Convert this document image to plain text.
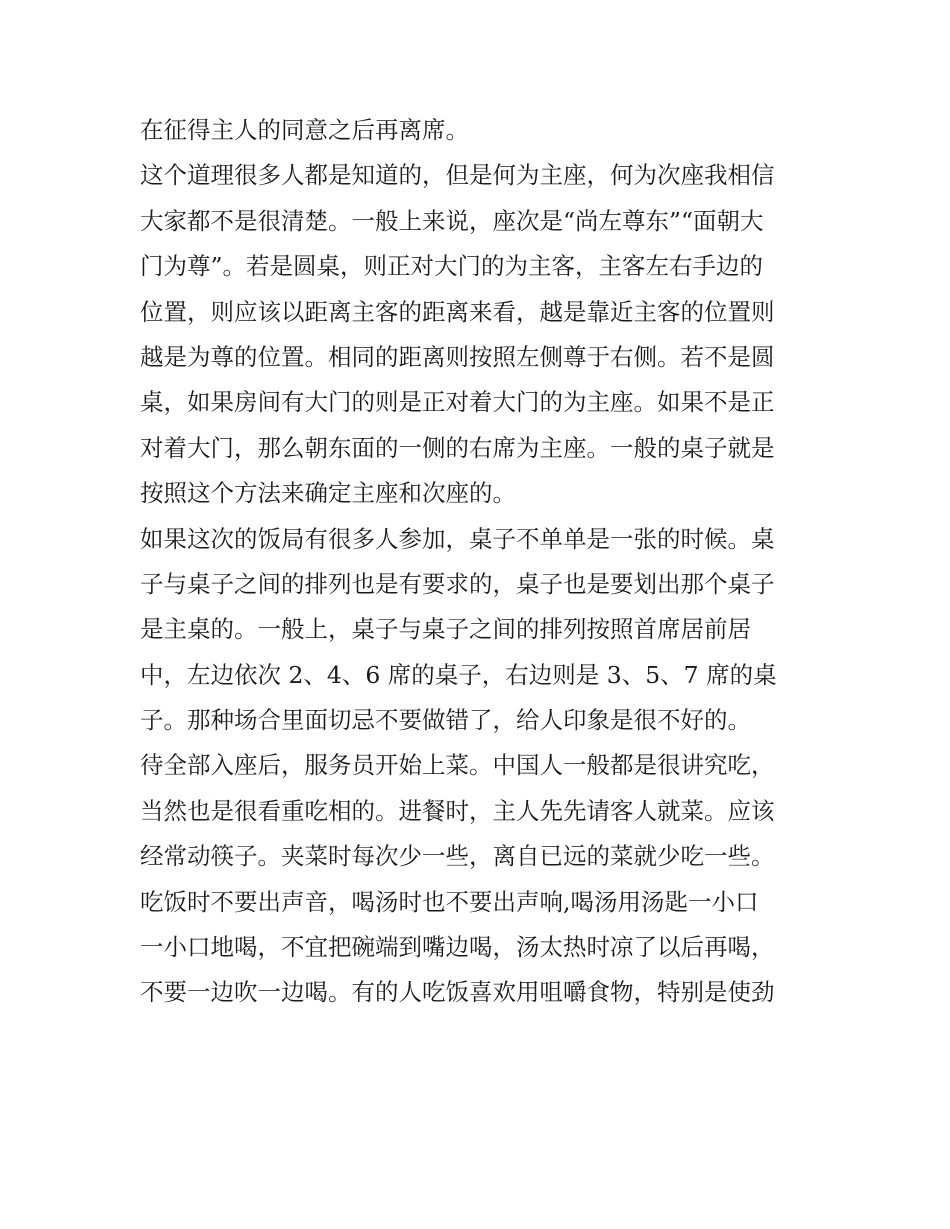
在征得主人的同意之后再离席。
这个道理很多人都是知道的，但是何为主座，何为次座我相信
大家都不是很清楚。一般上来说，座次是“尚左尊东”“面朝大
门为尊”。若是圆桌，则正对大门的为主客，主客左右手边的
位置，则应该以距离主客的距离来看，越是靠近主客的位置则
越是为尊的位置。相同的距离则按照左侧尊于右侧。若不是圆
桌，如果房间有大门的则是正对着大门的为主座。如果不是正
对着大门，那么朝东面的一侧的右席为主座。一般的桌子就是
按照这个方法来确定主座和次座的。
如果这次的饭局有很多人参加，桌子不单单是一张的时候。桌
子与桌子之间的排列也是有要求的，桌子也是要划出那个桌子
是主桌的。一般上，桌子与桌子之间的排列按照首席居前居
中，左边依次 2、4、6 席的桌子，右边则是 3、5、7 席的桌
子。那种场合里面切忌不要做错了，给人印象是很不好的。
待全部入座后，服务员开始上菜。中国人一般都是很讲究吃，
当然也是很看重吃相的。进餐时，主人先先请客人就菜。应该
经常动筷子。夹菜时每次少一些，离自已远的菜就少吃一些。
吃饭时不要出声音，喝汤时也不要出声响,喝汤用汤匙一小口
一小口地喝，不宜把碗端到嘴边喝，汤太热时凉了以后再喝，
不要一边吹一边喝。有的人吃饭喜欢用咀嚼食物，特别是使劲
